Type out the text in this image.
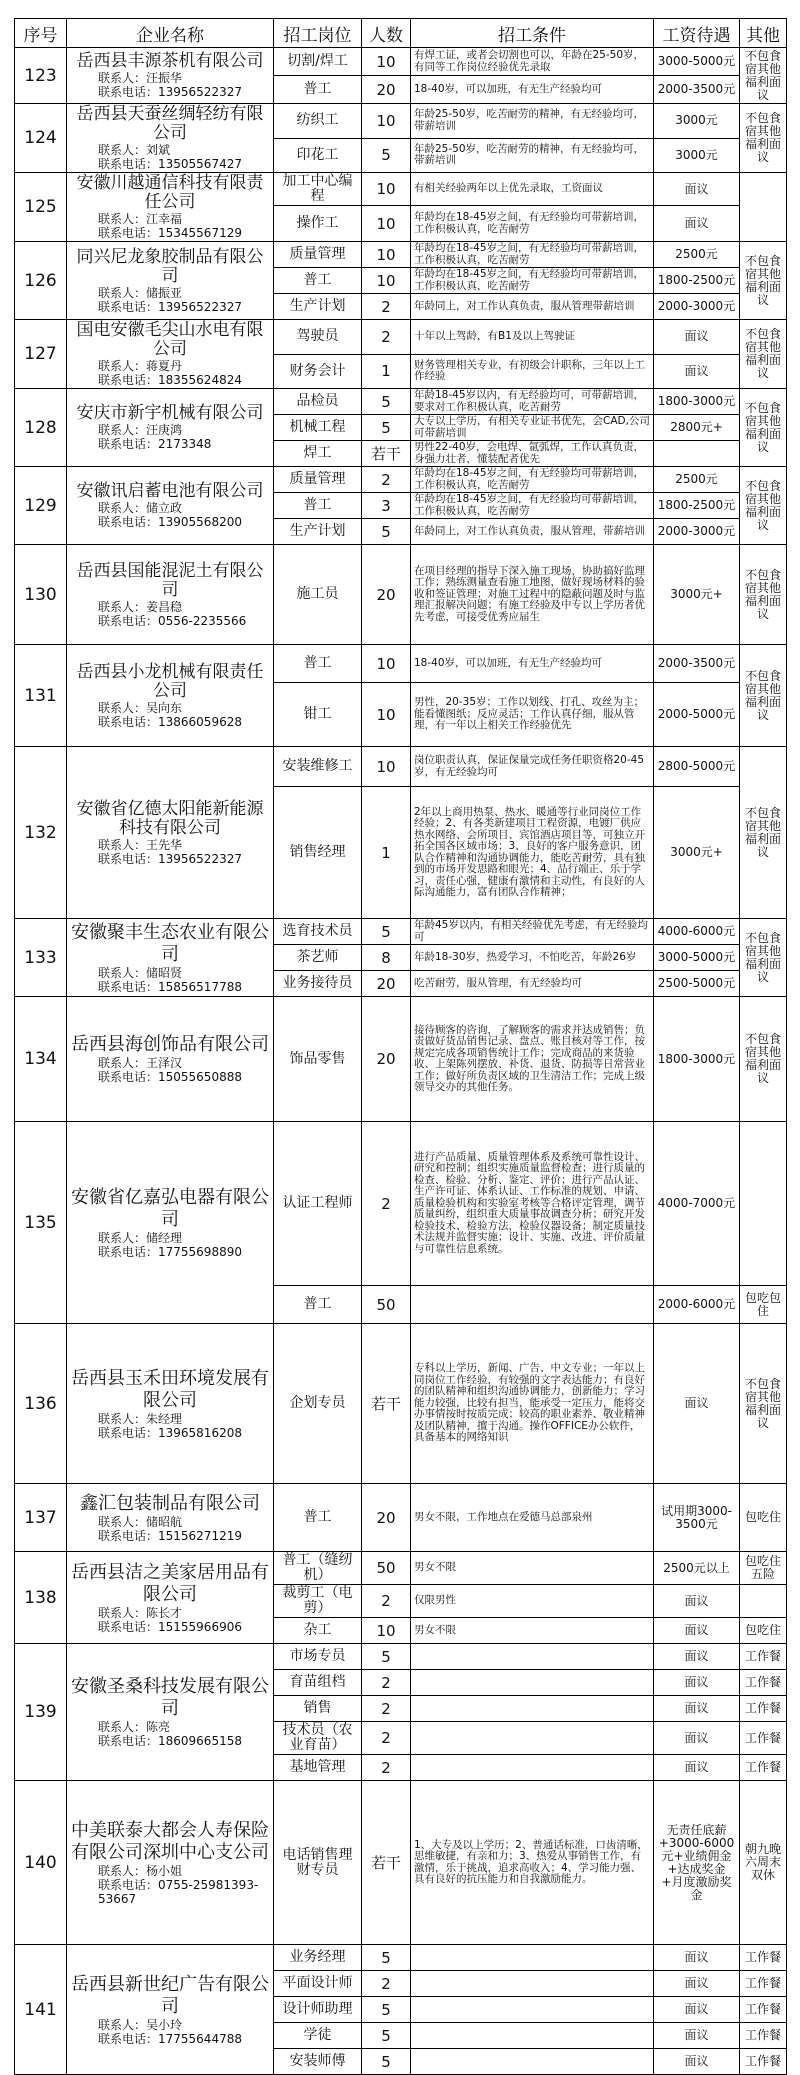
序号	企业名称	招工岗位	人数	招工条件	工资待遇	其他
123	岳西县丰源茶机有限公司
联系人：汪振华
联系电话：13956522327	切割/焊工	10	有焊工证，或者会切割也可以，年龄在25-50岁，有同等工作岗位经验优先录取	3000-5000元	不包食宿其他福利面议
		普工	20	18-40岁，可以加班，有无生产经验均可	2000-3500元	
124	岳西县天蚕丝绸轻纺有限公司
联系人：刘斌
联系电话：13505567427	纺织工	10	年龄25-50岁，吃苦耐劳的精神，有无经验均可，带薪培训	3000元	不包食宿其他福利面议
		印花工	5	年龄25-50岁，吃苦耐劳的精神，有无经验均可，带薪培训	3000元	
125	安徽川越通信科技有限责任公司
联系人：江幸福
联系电话：15345567129	加工中心编程	10	有相关经验两年以上优先录取，工资面议	面议	
		操作工	10	年龄均在18-45岁之间，有无经验均可带薪培训，工作积极认真，吃苦耐劳	面议	
126	同兴尼龙象胶制品有限公司
联系人：储振亚
联系电话：13956522327	质量管理	10	年龄均在18-45岁之间，有无经验均可带薪培训，工作积极认真，吃苦耐劳	2500元	不包食宿其他福利面议
		普工	10	年龄均在18-45岁之间，有无经验均可带薪培训，工作积极认真，吃苦耐劳	1800-2500元	
		生产计划	2	年龄同上，对工作认真负责，服从管理带薪培训	2000-3000元	
127	国电安徽毛尖山水电有限公司
联系人：蒋夏丹
联系电话：18355624824	驾驶员	2	十年以上驾龄，有B1及以上驾驶证	面议	不包食宿其他福利面议
		财务会计	1	财务管理相关专业，有初级会计职称，三年以上工作经验	面议	
128	安庆市新宇机械有限公司
联系人：汪庚鸿
联系电话：2173348	品检员	5	年龄18-45岁以内，有无经验均可，可带薪培训，要求对工作积极认真，吃苦耐劳	1800-3000元	不包食宿其他福利面议
		机械工程	5	大专以上学历，有相关专业证书优先，会CAD,公司可带薪培训	2800元+	
		焊工	若干	男性22-40岁，会电焊、氩弧焊，工作认真负责，身强力壮者，懂装配者优先		
129	安徽讯启蓄电池有限公司
联系人：储立政
联系电话：13905568200	质量管理	2	年龄均在18-45岁之间，有无经验均可带薪培训，工作积极认真，吃苦耐劳	2500元	不包食宿其他福利面议
		普工	3	年龄均在18-45岁之间，有无经验均可带薪培训，工作积极认真，吃苦耐劳	1800-2500元	
		生产计划	5	年龄同上，对工作认真负责，服从管理，带薪培训	2000-3000元	
130	岳西县国能混泥土有限公司
联系人：姜昌稳
联系电话：0556-2235566	施工员	20	在项目经理的指导下深入施工现场，协助搞好监理工作；熟练测量查看施工地图，做好现场材料的验收和签证管理；对施工过程中的隐蔽问题及时与监理汇报解决问题；有施工经验及中专以上学历者优先考虑，可接受优秀应届生	3000元+	不包食宿其他福利面议
131	岳西县小龙机械有限责任公司
联系人：吴向东
联系电话：13866059628	普工	10	18-40岁，可以加班，有无生产经验均可	2000-3500元	不包食宿其他福利面议
		钳工	10	男性，20-35岁；工作以划线、打孔、攻丝为主；能看懂图纸；反应灵活；工作认真仔细，服从管理，有一年以上相关工作经验优先	2000-5000元	
132	安徽省亿德太阳能新能源科技有限公司
联系人：王先华
联系电话：13956522327	安装维修工	10	岗位职责认真，保证保量完成任务任职资格20-45岁，有无经验均可	2800-5000元	不包食宿其他福利面议
		销售经理	1	2年以上商用热泵、热水、暖通等行业同岗位工作经验；2、有各类新建项目工程资源，电镀厂供应热水网络、会所项目、宾馆酒店项目等，可独立开拓全国各区域市场；3、良好的客户服务意识，团队合作精神和沟通协调能力，能吃苦耐劳，具有独到的市场开发思路和眼光；4、品行端正、乐于学习，责任心强，健康有激情和主动性，有良好的人际沟通能力，富有团队合作精神；	3000元+	
133	安徽聚丰生态农业有限公司
联系人：储昭贤
联系电话：15856517788	选育技术员	5	年龄45岁以内，有相关经验优先考虑，有无经验均可	4000-6000元	不包食宿其他福利面议
		茶艺师	8	年龄18-30岁，热爱学习，不怕吃苦，年龄26岁	3000-5000元	
		业务接待员	20	吃苦耐劳，服从管理，有无经验均可	2500-5000元	
134	岳西县海创饰品有限公司
联系人：王泽汉
联系电话：15055650888	饰品零售	20	接待顾客的咨询，了解顾客的需求并达成销售；负责做好货品销售记录、盘点、账目核对等工作，按规定完成各项销售统计工作；完成商品的来货验收、上架陈列摆放、补货、退货、防损等日常营业工作；做好所负责区域的卫生清洁工作；完成上级领导交办的其他任务。	1800-3000元	不包食宿其他福利面议
135	安徽省亿嘉弘电器有限公司
联系人：储经理
联系电话：17755698890	认证工程师	2	进行产品质量、质量管理体系及系统可靠性设计、研究和控制；组织实施质量监督检查；进行质量的检查、检验、分析、鉴定、评价；进行产品认证、生产许可证、体系认证、工作标准的规划、申请、质量检验机构和实验室考核等合格评定管理，调节质量纠纷，组织重大质量事故调查分析；研究开发检验技术、检验方法，检验仪器设备；制定质量技术法规并监督实施；设计、实施、改进、评价质量与可靠性信息系统。	4000-7000元	
		普工	50		2000-6000元	包吃包住
136	岳西县玉禾田环境发展有限公司
联系人：朱经理
联系电话：13965816208	企划专员	若干	专科以上学历，新闻、广告、中文专业；一年以上同岗位工作经验，有较强的文字表达能力；有良好的团队精神和组织沟通协调能力，创新能力；学习能力较强，比较有担当，能承受一定压力，能将交办事情按时按质完成；较高的职业素养、敬业精神及团队精神，擅于沟通。操作OFFICE办公软件，具备基本的网络知识	面议	不包食宿其他福利面议
137	鑫汇包装制品有限公司
联系人：储昭航
联系电话：15156271219	普工	20	男女不限，工作地点在爱德马总部泉州	试用期3000-3500元	包吃住
138	岳西县洁之美家居用品有限公司
联系人：陈长才
联系电话：15155966906	普工（缝纫机）	50	男女不限	2500元以上	包吃住五险
		裁剪工（电剪）	2	仅限男性	面议	
		杂工	10	男女不限	面议	包吃住
139	安徽圣桑科技发展有限公司
联系人：陈亮
联系电话：18609665158	市场专员	5		面议	工作餐
		育苗组档	2		面议	工作餐
		销售	2		面议	工作餐
		技术员（农业育苗）	2		面议	工作餐
		基地管理	2		面议	工作餐
140	中美联泰大都会人寿保险有限公司深圳中心支公司
联系人：杨小姐
联系电话：0755-25981393-53667	电话销售理财专员	若干	1、大专及以上学历；2、普通话标准，口齿清晰，思维敏捷，有亲和力；3、热爱从事销售工作，有激情，乐于挑战，追求高收入；4、学习能力强、具有良好的抗压能力和自我激励能力。	无责任底薪+3000-6000元+业绩佣金+达成奖金+月度激励奖金	朝九晚六周末双休
141	岳西县新世纪广告有限公司
联系人：吴小玲
联系电话：17755644788	业务经理	5		面议	工作餐
		平面设计师	2		面议	工作餐
		设计师助理	5		面议	工作餐
		学徒	5		面议	工作餐
		安装师傅	5		面议	工作餐
